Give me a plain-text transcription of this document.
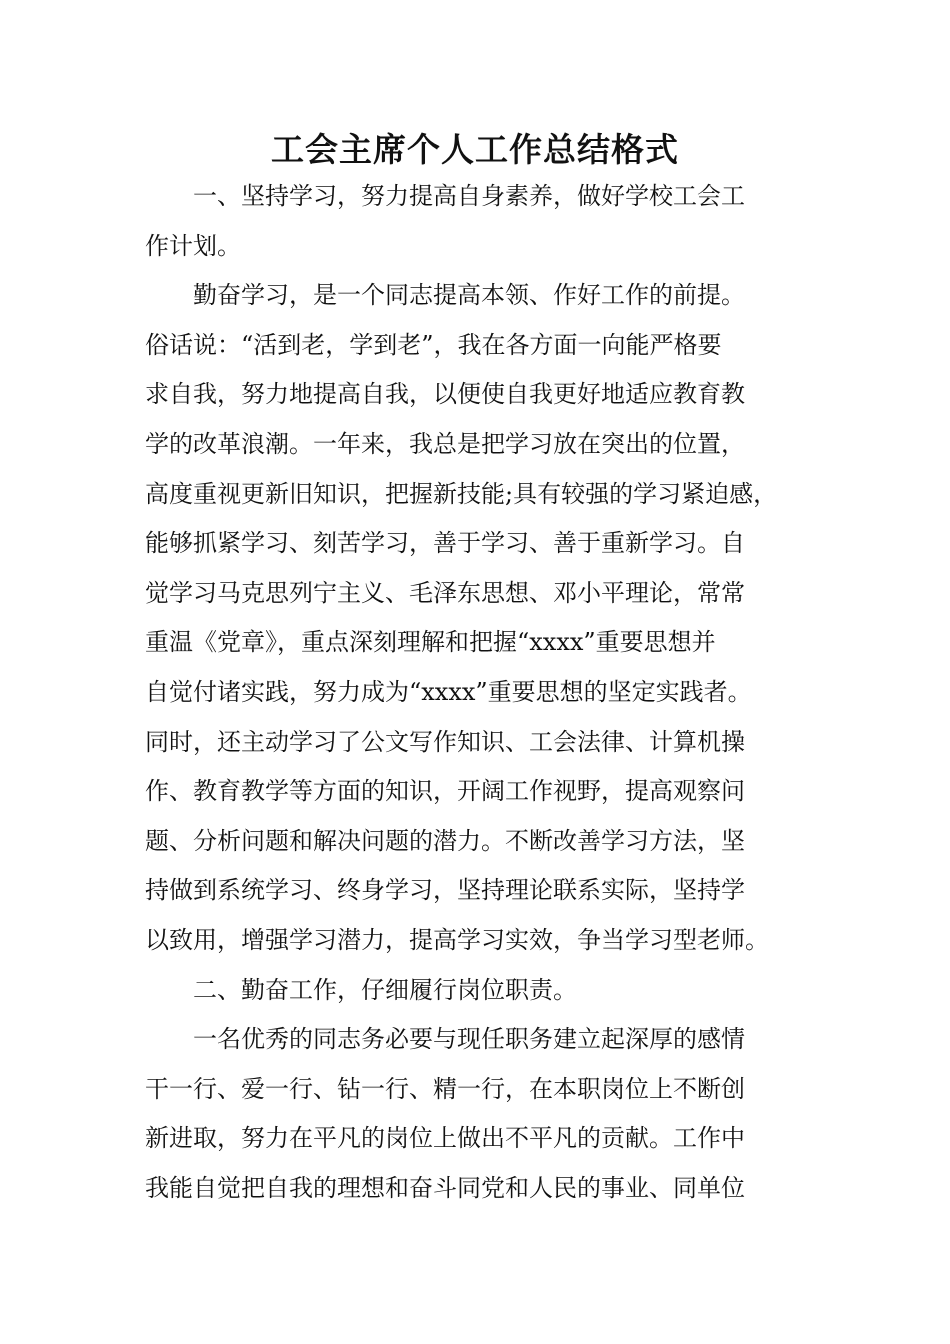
工会主席个人工作总结格式
一、坚持学习，努力提高自身素养，做好学校工会工
作计划。
勤奋学习，是一个同志提高本领、作好工作的前提。
俗话说：“活到老，学到老”，我在各方面一向能严格要
求自我，努力地提高自我，以便使自我更好地适应教育教
学的改革浪潮。一年来，我总是把学习放在突出的位置，
高度重视更新旧知识，把握新技能;具有较强的学习紧迫感，
能够抓紧学习、刻苦学习，善于学习、善于重新学习。自
觉学习马克思列宁主义、毛泽东思想、邓小平理论，常常
重温《党章》，重点深刻理解和把握“xxxx”重要思想并
自觉付诸实践，努力成为“xxxx”重要思想的坚定实践者。
同时，还主动学习了公文写作知识、工会法律、计算机操
作、教育教学等方面的知识，开阔工作视野，提高观察问
题、分析问题和解决问题的潜力。不断改善学习方法，坚
持做到系统学习、终身学习，坚持理论联系实际，坚持学
以致用，增强学习潜力，提高学习实效，争当学习型老师。
二、勤奋工作，仔细履行岗位职责。
一名优秀的同志务必要与现任职务建立起深厚的感情
干一行、爱一行、钻一行、精一行，在本职岗位上不断创
新进取，努力在平凡的岗位上做出不平凡的贡献。工作中
我能自觉把自我的理想和奋斗同党和人民的事业、同单位
